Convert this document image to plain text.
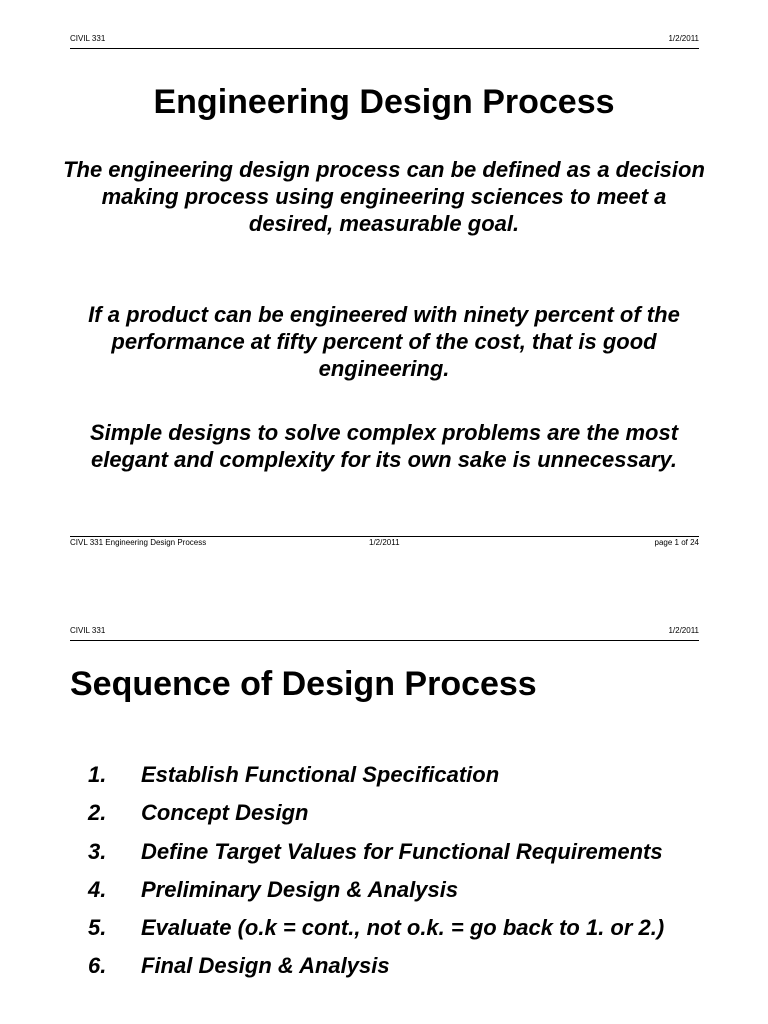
CIVIL 331	1/2/2011
Engineering Design Process
The engineering design process can be defined as a decision making process using engineering sciences to meet a desired, measurable goal.
If a product can be engineered with ninety percent of the performance at fifty percent of the cost, that is good engineering.
Simple designs to solve complex problems are the most elegant and complexity for its own sake is unnecessary.
CIVL 331 Engineering Design Process	1/2/2011	page 1 of 24
CIVIL 331	1/2/2011
Sequence of Design Process
1. Establish Functional Specification
2. Concept Design
3. Define Target Values for Functional Requirements
4. Preliminary Design & Analysis
5. Evaluate (o.k = cont., not o.k. = go back to 1. or 2.)
6. Final Design & Analysis
